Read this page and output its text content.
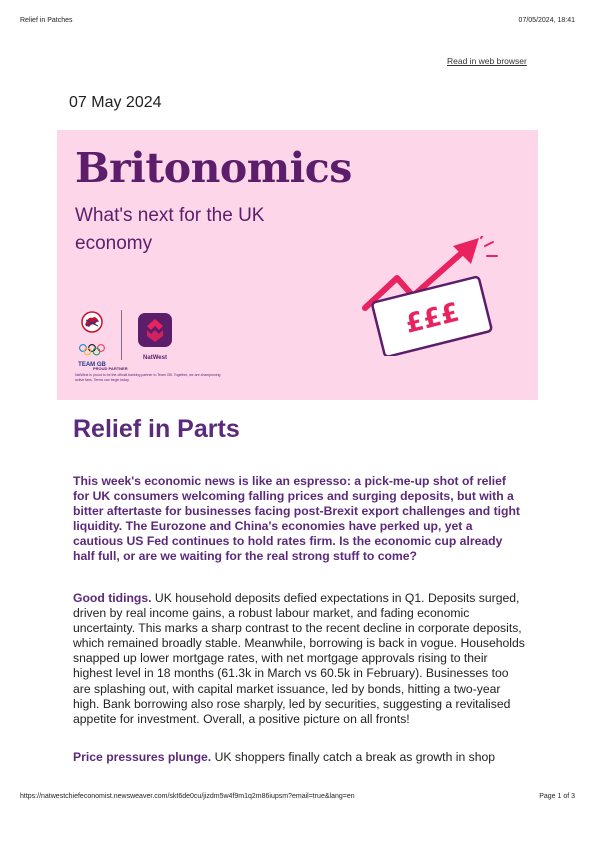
Relief in Patches	07/05/2024, 18:41
Read in web browser
07 May 2024
Britonomics
What's next for the UK economy
TEAM GB
NatWest
PROUD PARTNER
NatWest is proud to be the official banking partner to Team GB. Together, we are championing active fans. Terms can begin today.
£££
Relief in Parts

This week's economic news is like an espresso: a pick-me-up shot of relief for UK consumers welcoming falling prices and surging deposits, but with a bitter aftertaste for businesses facing post-Brexit export challenges and tight liquidity. The Eurozone and China's economies have perked up, yet a cautious US Fed continues to hold rates firm. Is the economic cup already half full, or are we waiting for the real strong stuff to come?

Good tidings. UK household deposits defied expectations in Q1. Deposits surged, driven by real income gains, a robust labour market, and fading economic uncertainty. This marks a sharp contrast to the recent decline in corporate deposits, which remained broadly stable. Meanwhile, borrowing is back in vogue. Households snapped up lower mortgage rates, with net mortgage approvals rising to their highest level in 18 months (61.3k in March vs 60.5k in February). Businesses too are splashing out, with capital market issuance, led by bonds, hitting a two-year high. Bank borrowing also rose sharply, led by securities, suggesting a revitalised appetite for investment. Overall, a positive picture on all fronts!

Price pressures plunge. UK shoppers finally catch a break as growth in shop

https://natwestchiefeconomist.newsweaver.com/skt6de0cu/jizdm5w4f9m1q2m86iupsm?email=true&lang=en	Page 1 of 3
